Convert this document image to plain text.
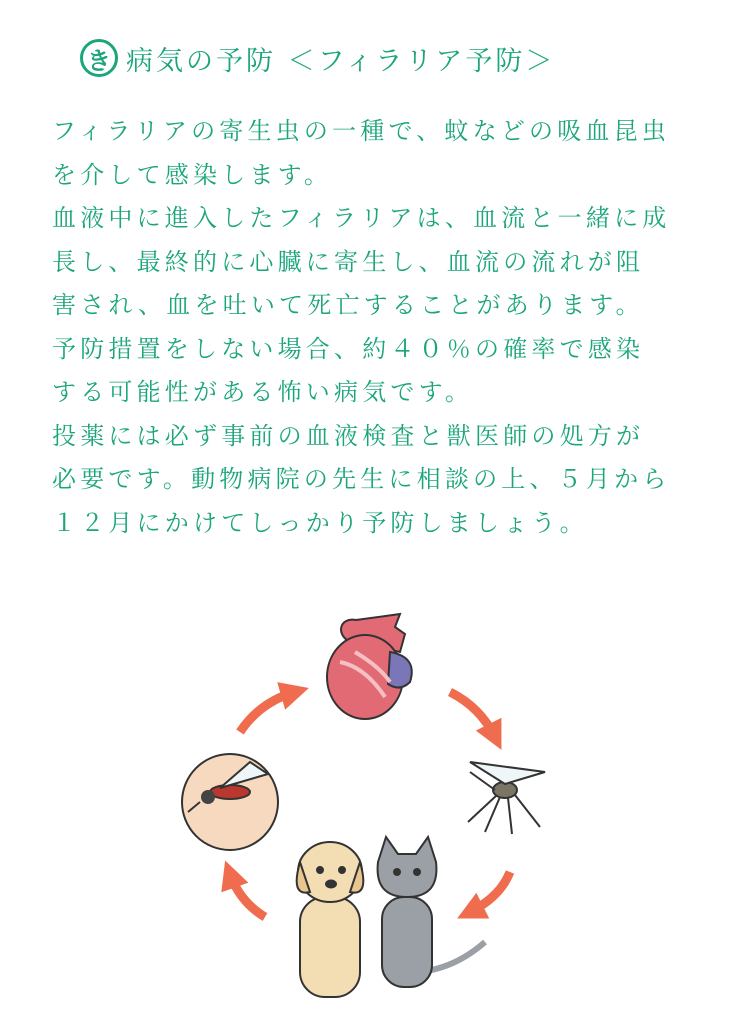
き 病気の予防 ＜フィラリア予防＞

フィラリアの寄生虫の一種で、蚊などの吸血昆虫を介して感染します。

血液中に進入したフィラリアは、血流と一緒に成長し、最終的に心臓に寄生し、血流の流れが阻害され、血を吐いて死亡することがあります。

予防措置をしない場合、約４０％の確率で感染する可能性がある怖い病気です。

投薬には必ず事前の血液検査と獣医師の処方が必要です。動物病院の先生に相談の上、５月から１２月にかけてしっかり予防しましょう。
